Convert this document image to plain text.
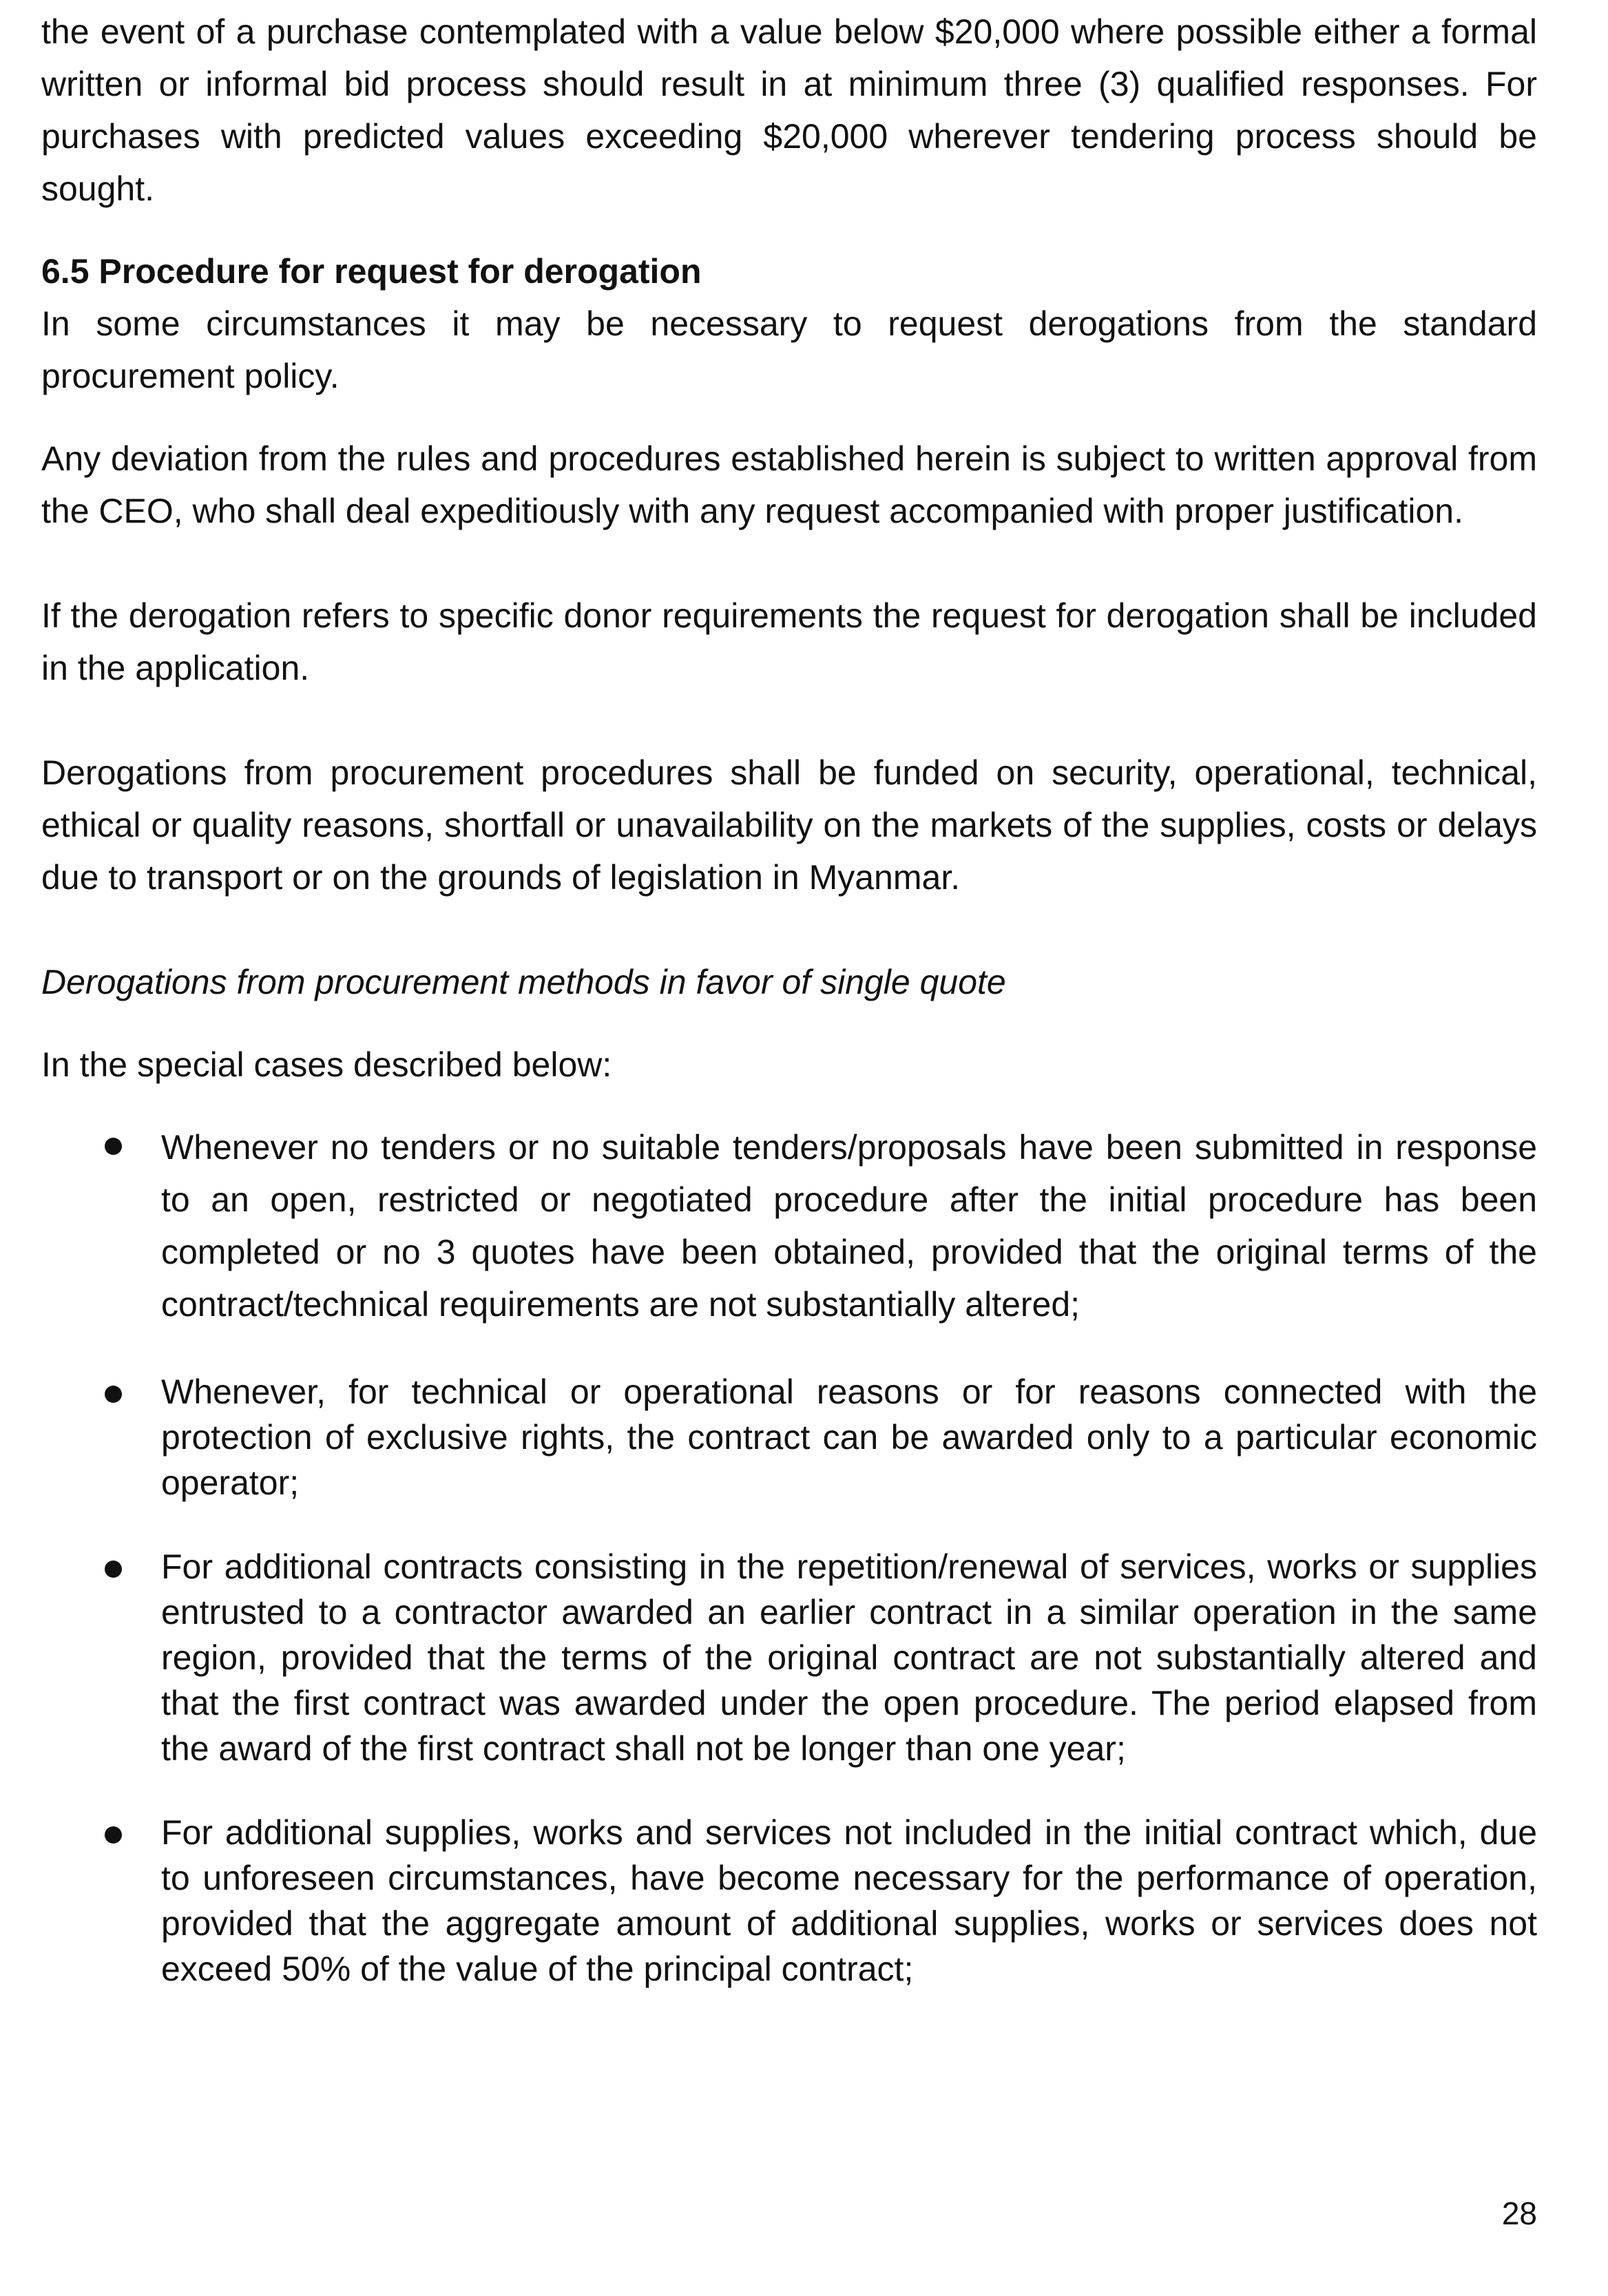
the event of a purchase contemplated with a value below $20,000 where possible either a formal written or informal bid process should result in at minimum three (3) qualified responses. For purchases with predicted values exceeding $20,000 wherever tendering process should be sought.

6.5 Procedure for request for derogation

In some circumstances it may be necessary to request derogations from the standard procurement policy.

Any deviation from the rules and procedures established herein is subject to written approval from the CEO, who shall deal expeditiously with any request accompanied with proper justification.

If the derogation refers to specific donor requirements the request for derogation shall be included in the application.

Derogations from procurement procedures shall be funded on security, operational, technical, ethical or quality reasons, shortfall or unavailability on the markets of the supplies, costs or delays due to transport or on the grounds of legislation in Myanmar.

Derogations from procurement methods in favor of single quote

In the special cases described below:

Whenever no tenders or no suitable tenders/proposals have been submitted in response to an open, restricted or negotiated procedure after the initial procedure has been completed or no 3 quotes have been obtained, provided that the original terms of the contract/technical requirements are not substantially altered;

Whenever, for technical or operational reasons or for reasons connected with the protection of exclusive rights, the contract can be awarded only to a particular economic operator;

For additional contracts consisting in the repetition/renewal of services, works or supplies entrusted to a contractor awarded an earlier contract in a similar operation in the same region, provided that the terms of the original contract are not substantially altered and that the first contract was awarded under the open procedure. The period elapsed from the award of the first contract shall not be longer than one year;

For additional supplies, works and services not included in the initial contract which, due to unforeseen circumstances, have become necessary for the performance of operation, provided that the aggregate amount of additional supplies, works or services does not exceed 50% of the value of the principal contract;

28
